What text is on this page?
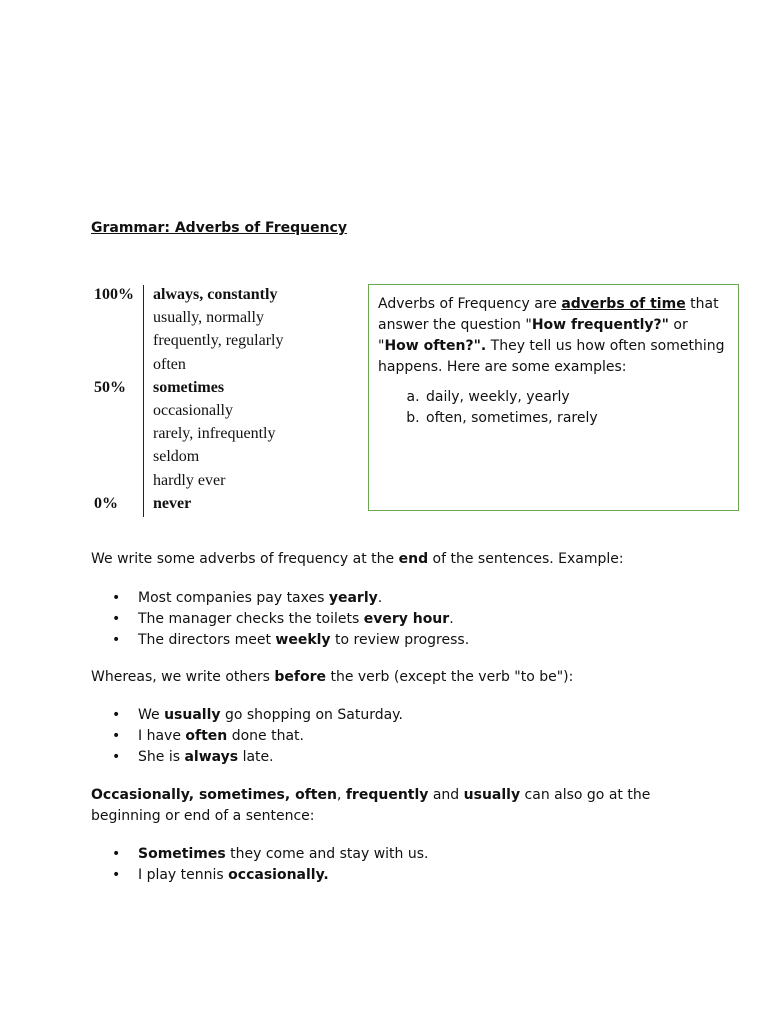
Grammar: Adverbs of Frequency
100%
50%
0%
always, constantly
usually, normally
frequently, regularly
often
sometimes
occasionally
rarely, infrequently
seldom
hardly ever
never

Adverbs of Frequency are adverbs of time that answer the question "How frequently?" or "How often?". They tell us how often something happens. Here are some examples:

a. daily, weekly, yearly
b. often, sometimes, rarely
We write some adverbs of frequency at the end of the sentences. Example:
• Most companies pay taxes yearly.
• The manager checks the toilets every hour.
• The directors meet weekly to review progress.
Whereas, we write others before the verb (except the verb "to be"):
• We usually go shopping on Saturday.
• I have often done that.
• She is always late.
Occasionally, sometimes, often, frequently and usually can also go at the beginning or end of a sentence:
• Sometimes they come and stay with us.
• I play tennis occasionally.
